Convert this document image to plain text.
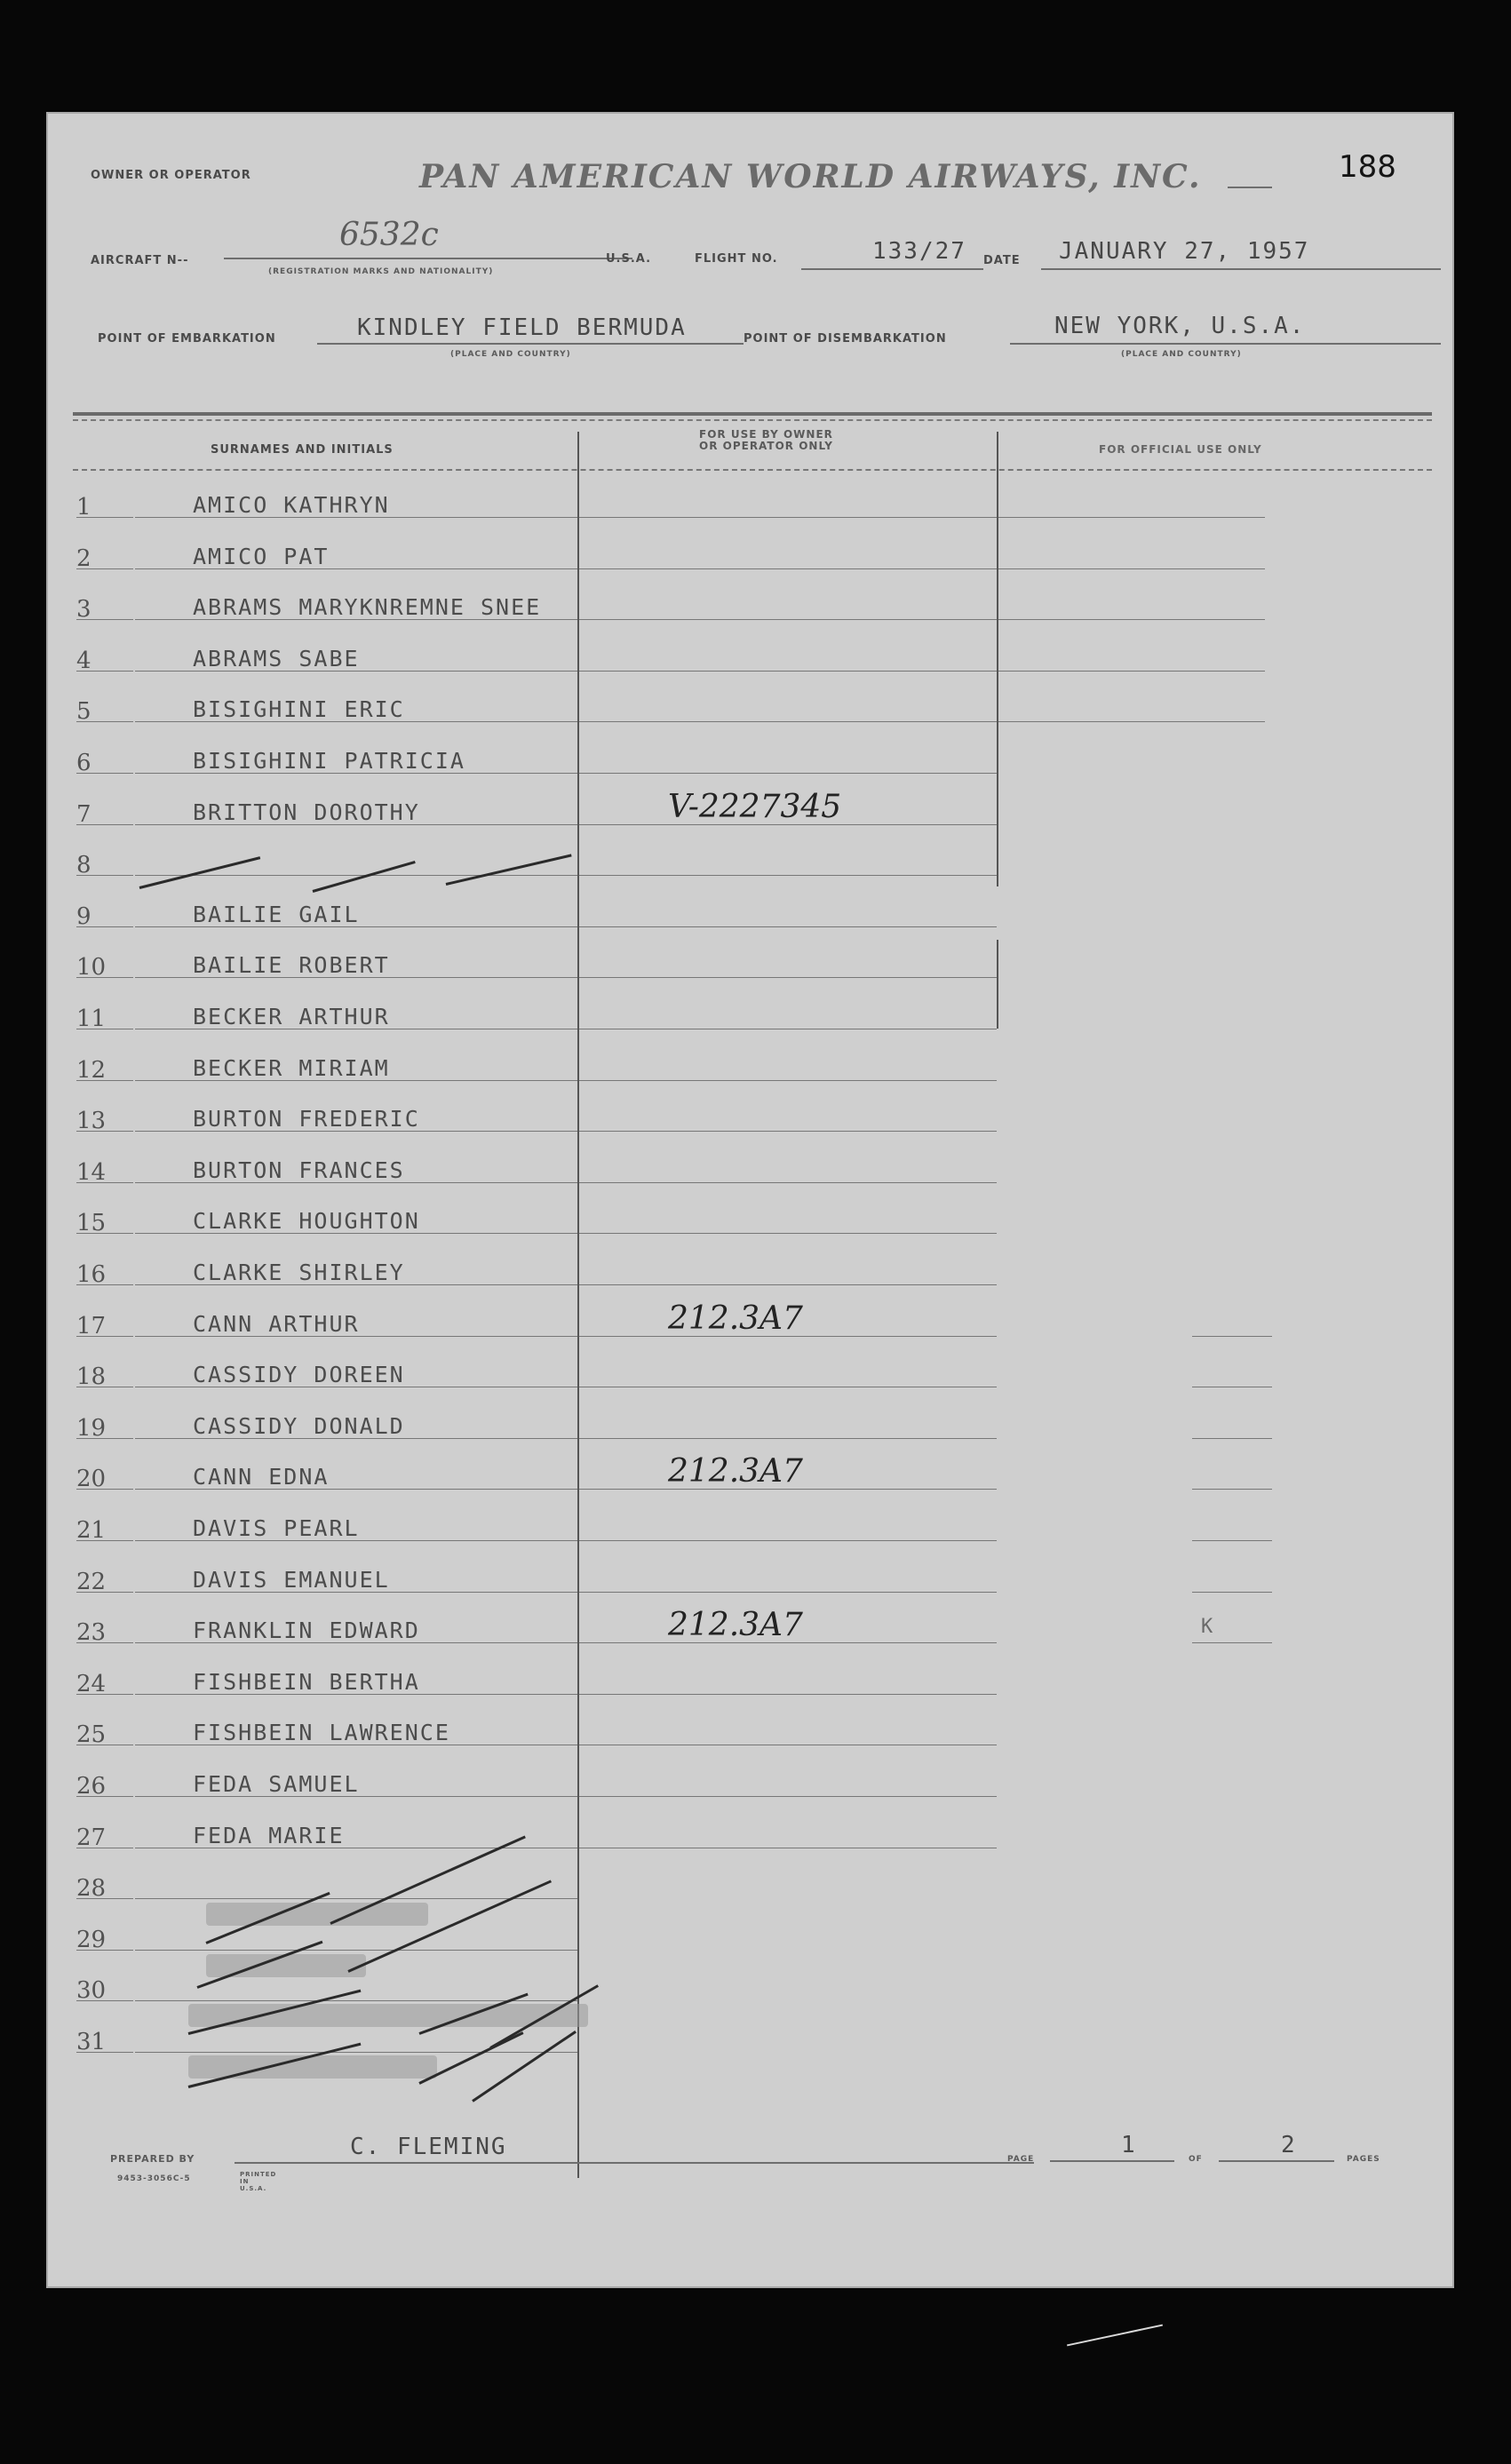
OWNER OR OPERATOR	PAN AMERICAN WORLD AIRWAYS, INC.	188
AIRCRAFT N--
6532c
(REGISTRATION MARKS AND NATIONALITY)
U.S.A.	FLIGHT NO.	133/27 DATE JANUARY 27, 1957
POINT OF EMBARKATION	KINDLEY FIELD BERMUDA
(PLACE AND COUNTRY)
POINT OF DISEMBARKATION	NEW YORK, U.S.A.
(PLACE AND COUNTRY)
SURNAMES AND INITIALS
FOR USE BY OWNER
OR OPERATOR ONLY	FOR OFFICIAL USE ONLY
1	AMICO KATHRYN
2	AMICO PAT
3	ABRAMS MARYKNREMNE SNEE
4	ABRAMS SABE
5	BISIGHINI ERIC
6	BISIGHINI PATRICIA
7	BRITTON DOROTHY	V-2227345
8
9	BAILIE GAIL
10	BAILIE ROBERT
11	BECKER ARTHUR
12	BECKER MIRIAM
13	BURTON FREDERIC
14	BURTON FRANCES
15	CLARKE HOUGHTON
16	CLARKE SHIRLEY
17	CANN ARTHUR	212.3A7
18	CASSIDY DOREEN
19	CASSIDY DONALD
20	CANN EDNA	212.3A7
21	DAVIS PEARL
22	DAVIS EMANUEL
23	FRANKLIN EDWARD	212.3A7	K
24	FISHBEIN BERTHA
25	FISHBEIN LAWRENCE
26	FEDA SAMUEL
27	FEDA MARIE
28
29
30
31
PREPARED BY	C. FLEMING
9453-3056C-5	PRINTED IN U.S.A.
PAGE
1
OF
2
PAGES
